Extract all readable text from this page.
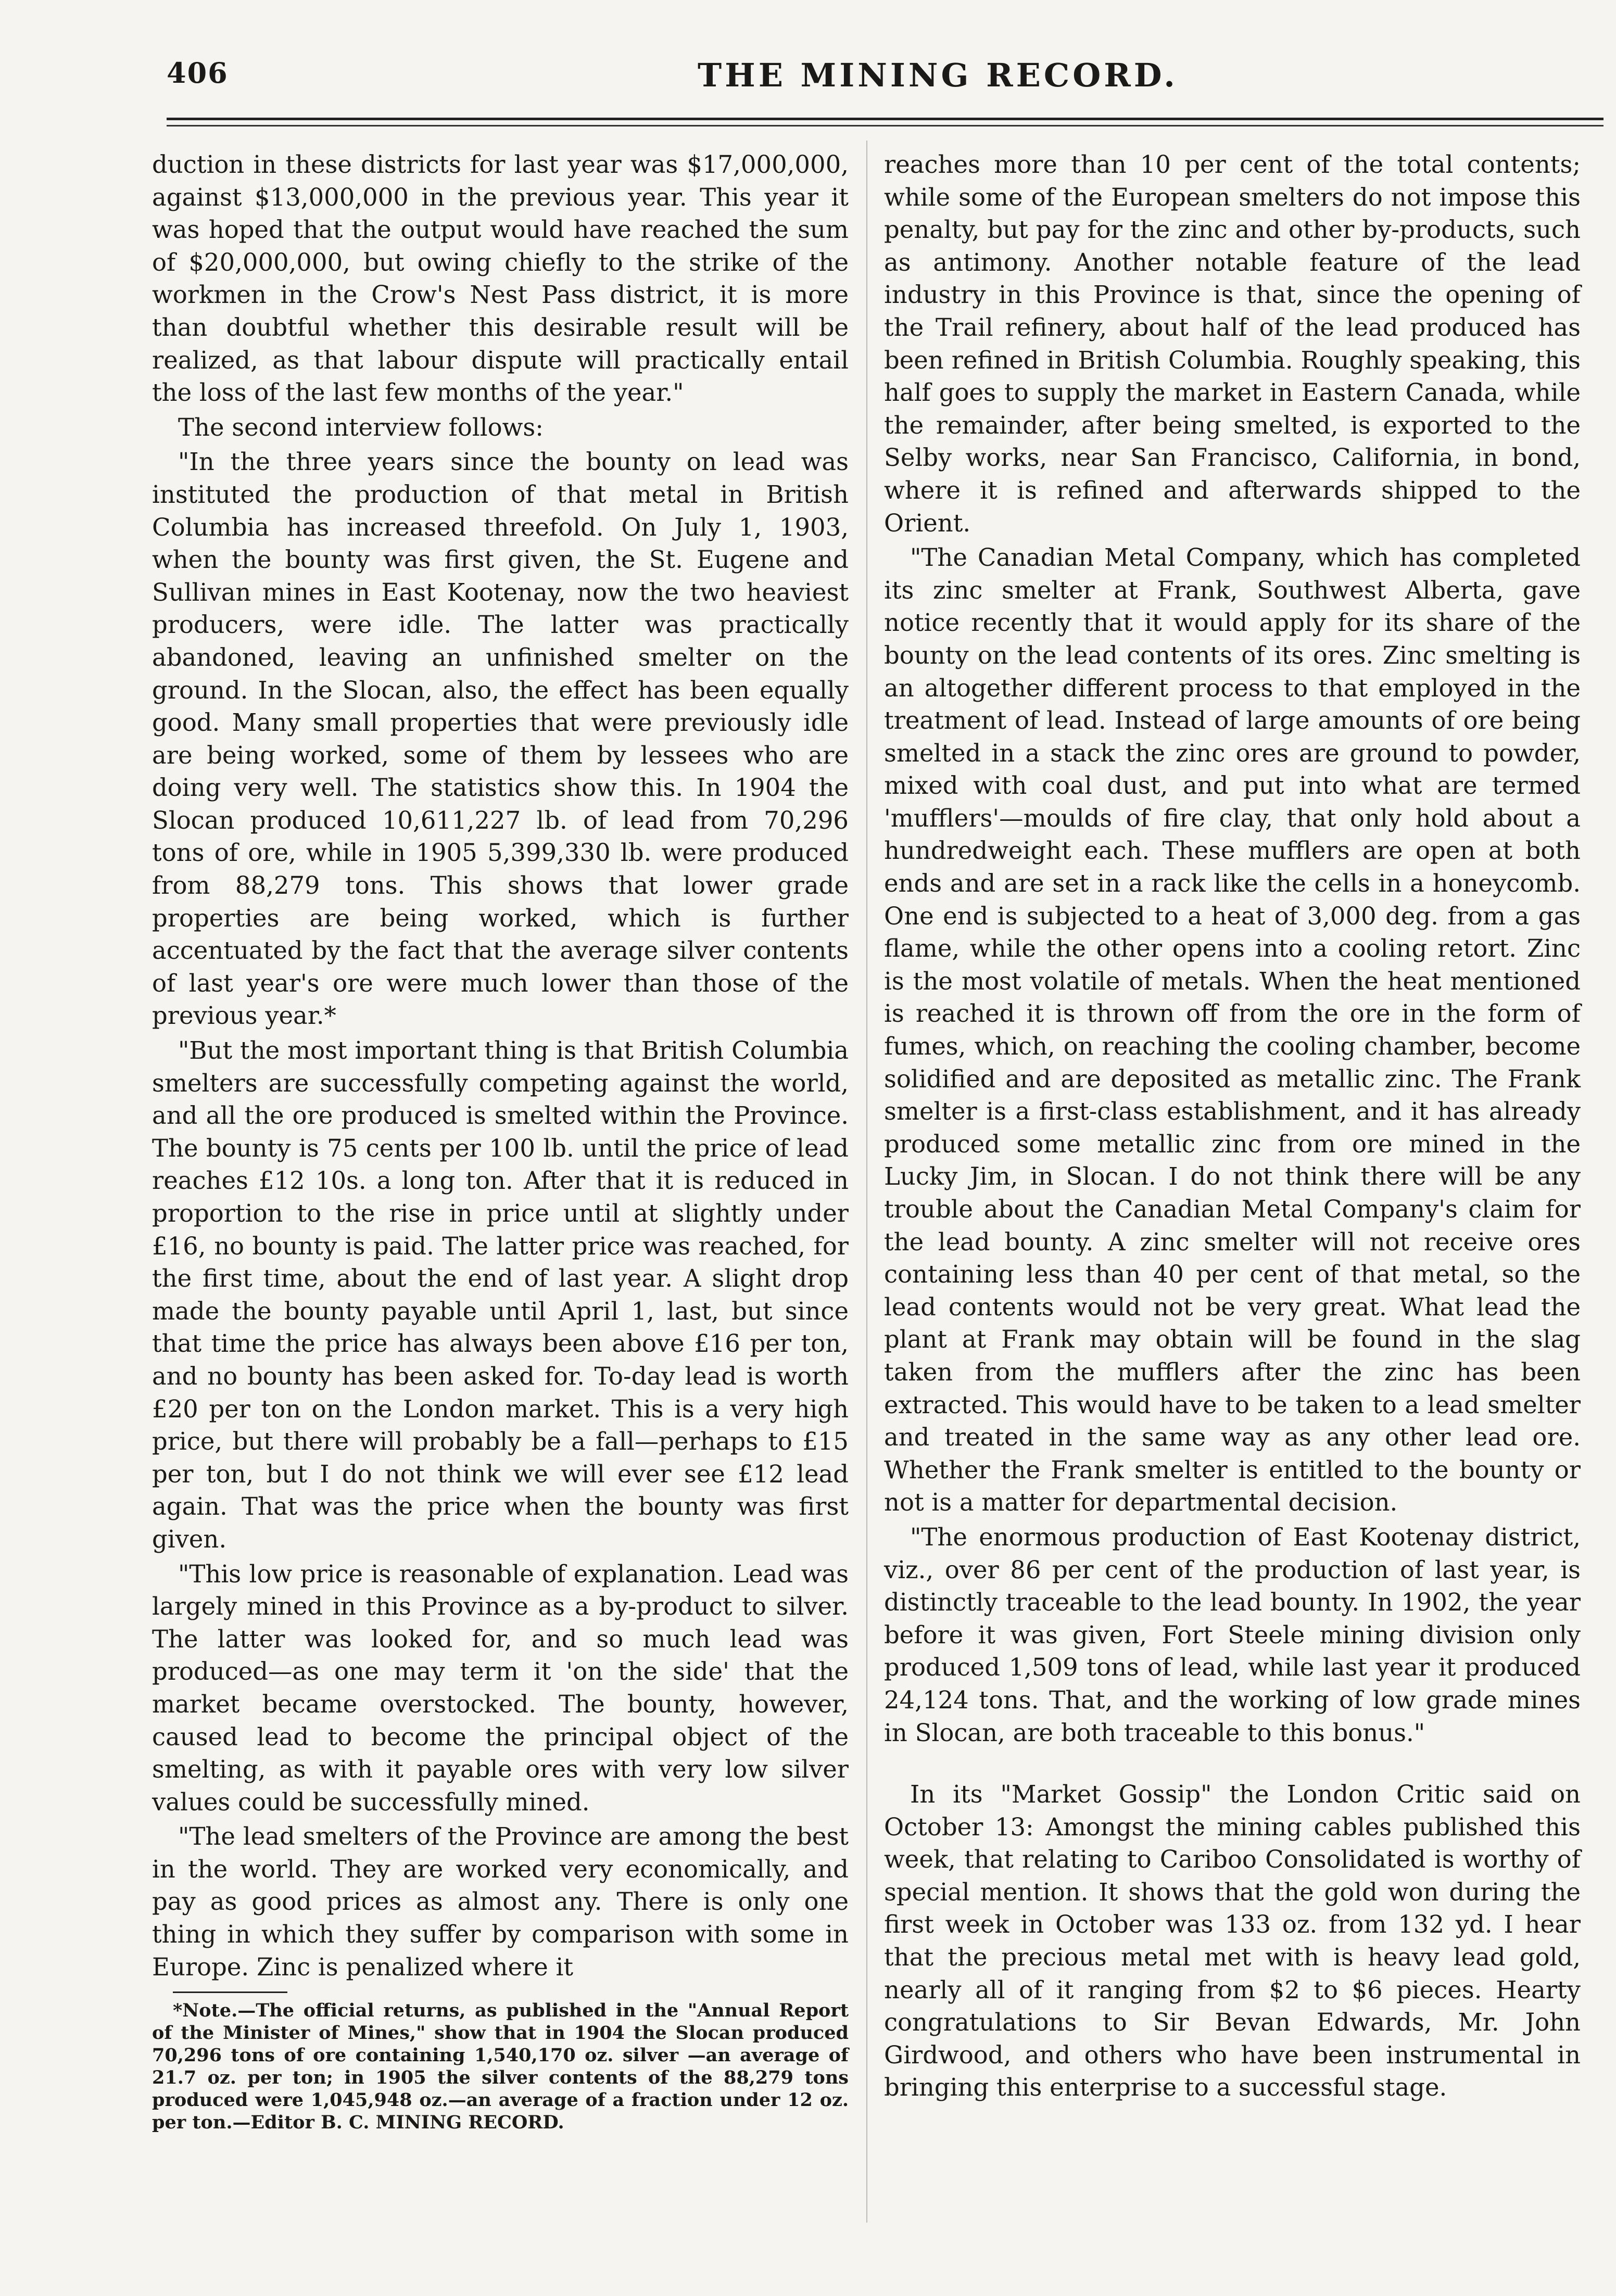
406	THE MINING RECORD.

duction in these districts for last year was $17,000,000, against $13,000,000 in the previous year. This year it was hoped that the output would have reached the sum of $20,000,000, but owing chiefly to the strike of the workmen in the Crow's Nest Pass district, it is more than doubtful whether this desirable result will be realized, as that labour dispute will practically entail the loss of the last few months of the year."

The second interview follows:

"In the three years since the bounty on lead was instituted the production of that metal in British Columbia has increased threefold. On July 1, 1903, when the bounty was first given, the St. Eugene and Sullivan mines in East Kootenay, now the two heaviest producers, were idle. The latter was practically abandoned, leaving an unfinished smelter on the ground. In the Slocan, also, the effect has been equally good. Many small properties that were previously idle are being worked, some of them by lessees who are doing very well. The statistics show this. In 1904 the Slocan produced 10,611,227 lb. of lead from 70,296 tons of ore, while in 1905 5,399,330 lb. were produced from 88,279 tons. This shows that lower grade properties are being worked, which is further accentuated by the fact that the average silver contents of last year's ore were much lower than those of the previous year.*

"But the most important thing is that British Columbia smelters are successfully competing against the world, and all the ore produced is smelted within the Province. The bounty is 75 cents per 100 lb. until the price of lead reaches £12 10s. a long ton. After that it is reduced in proportion to the rise in price until at slightly under £16, no bounty is paid. The latter price was reached, for the first time, about the end of last year. A slight drop made the bounty payable until April 1, last, but since that time the price has always been above £16 per ton, and no bounty has been asked for. To-day lead is worth £20 per ton on the London market. This is a very high price, but there will probably be a fall—perhaps to £15 per ton, but I do not think we will ever see £12 lead again. That was the price when the bounty was first given.

"This low price is reasonable of explanation. Lead was largely mined in this Province as a by-product to silver. The latter was looked for, and so much lead was produced—as one may term it 'on the side' that the market became overstocked. The bounty, however, caused lead to become the principal object of the smelting, as with it payable ores with very low silver values could be successfully mined.

"The lead smelters of the Province are among the best in the world. They are worked very economically, and pay as good prices as almost any. There is only one thing in which they suffer by comparison with some in Europe. Zinc is penalized where it

*Note.—The official returns, as published in the "Annual Report of the Minister of Mines," show that in 1904 the Slocan produced 70,296 tons of ore containing 1,540,170 oz. silver —an average of 21.7 oz. per ton; in 1905 the silver contents of the 88,279 tons produced were 1,045,948 oz.—an average of a fraction under 12 oz. per ton.—Editor B. C. MINING RECORD.

reaches more than 10 per cent of the total contents; while some of the European smelters do not impose this penalty, but pay for the zinc and other by-products, such as antimony. Another notable feature of the lead industry in this Province is that, since the opening of the Trail refinery, about half of the lead produced has been refined in British Columbia. Roughly speaking, this half goes to supply the market in Eastern Canada, while the remainder, after being smelted, is exported to the Selby works, near San Francisco, California, in bond, where it is refined and afterwards shipped to the Orient.

"The Canadian Metal Company, which has completed its zinc smelter at Frank, Southwest Alberta, gave notice recently that it would apply for its share of the bounty on the lead contents of its ores. Zinc smelting is an altogether different process to that employed in the treatment of lead. Instead of large amounts of ore being smelted in a stack the zinc ores are ground to powder, mixed with coal dust, and put into what are termed 'mufflers'—moulds of fire clay, that only hold about a hundredweight each. These mufflers are open at both ends and are set in a rack like the cells in a honeycomb. One end is subjected to a heat of 3,000 deg. from a gas flame, while the other opens into a cooling retort. Zinc is the most volatile of metals. When the heat mentioned is reached it is thrown off from the ore in the form of fumes, which, on reaching the cooling chamber, become solidified and are deposited as metallic zinc. The Frank smelter is a first-class establishment, and it has already produced some metallic zinc from ore mined in the Lucky Jim, in Slocan. I do not think there will be any trouble about the Canadian Metal Company's claim for the lead bounty. A zinc smelter will not receive ores containing less than 40 per cent of that metal, so the lead contents would not be very great. What lead the plant at Frank may obtain will be found in the slag taken from the mufflers after the zinc has been extracted. This would have to be taken to a lead smelter and treated in the same way as any other lead ore. Whether the Frank smelter is entitled to the bounty or not is a matter for departmental decision.

"The enormous production of East Kootenay district, viz., over 86 per cent of the production of last year, is distinctly traceable to the lead bounty. In 1902, the year before it was given, Fort Steele mining division only produced 1,509 tons of lead, while last year it produced 24,124 tons. That, and the working of low grade mines in Slocan, are both traceable to this bonus."

In its "Market Gossip" the London Critic said on October 13: Amongst the mining cables published this week, that relating to Cariboo Consolidated is worthy of special mention. It shows that the gold won during the first week in October was 133 oz. from 132 yd. I hear that the precious metal met with is heavy lead gold, nearly all of it ranging from $2 to $6 pieces. Hearty congratulations to Sir Bevan Edwards, Mr. John Girdwood, and others who have been instrumental in bringing this enterprise to a successful stage.
